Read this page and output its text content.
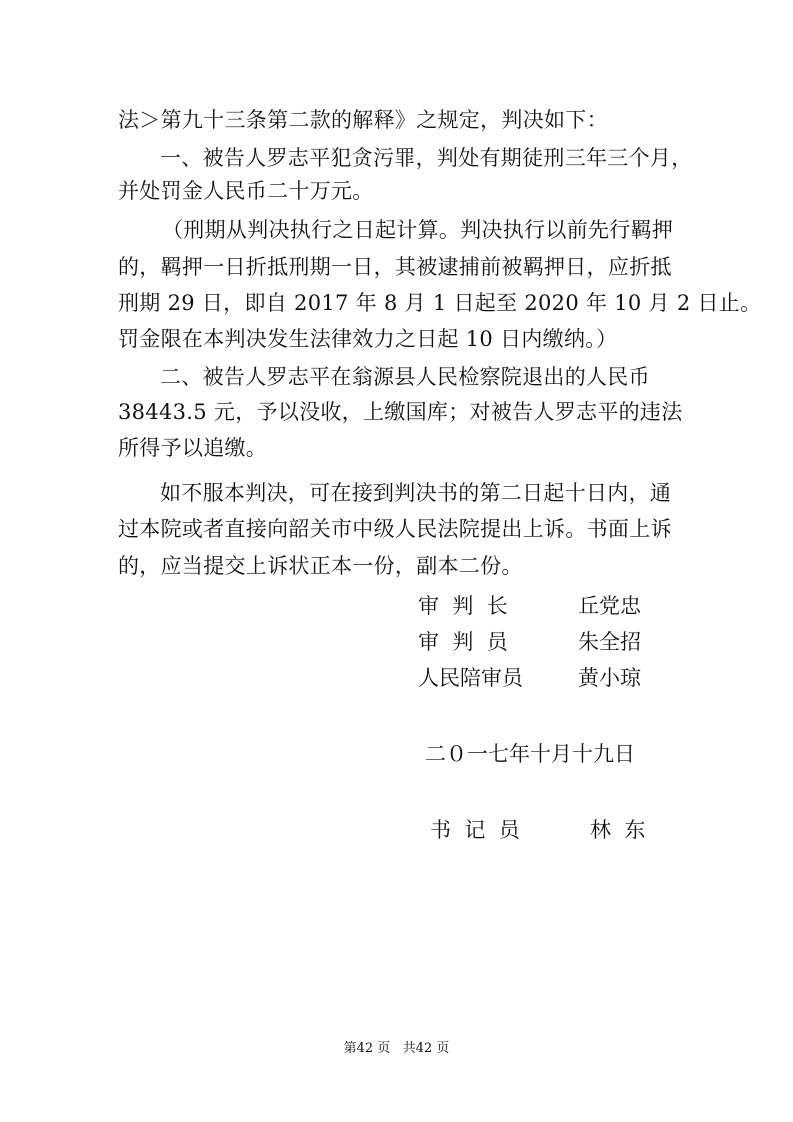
法＞第九十三条第二款的解释》之规定，判决如下：
一、被告人罗志平犯贪污罪，判处有期徒刑三年三个月，
并处罚金人民币二十万元。
（刑期从判决执行之日起计算。判决执行以前先行羁押
的，羁押一日折抵刑期一日，其被逮捕前被羁押日，应折抵
刑期 29 日，即自 2017 年 8 月 1 日起至 2020 年 10 月 2 日止。
罚金限在本判决发生法律效力之日起 10 日内缴纳。）
二、被告人罗志平在翁源县人民检察院退出的人民币
38443.5 元，予以没收，上缴国库；对被告人罗志平的违法
所得予以追缴。
如不服本判决，可在接到判决书的第二日起十日内，通
过本院或者直接向韶关市中级人民法院提出上诉。书面上诉
的，应当提交上诉状正本一份，副本二份。
审  判  长	丘党忠
审  判  员	朱全招
人民陪审员	黄小琼
二０一七年十月十九日
书  记  员	林  东
第42 页   共42 页
